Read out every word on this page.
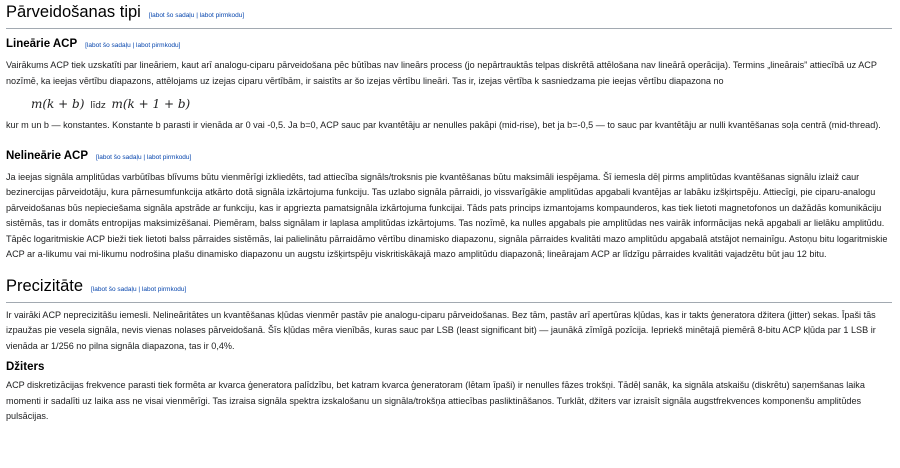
Pārveidošanas tipi [labot šo sadaļu | labot pirmkodu]
Lineārie ACP [labot šo sadaļu | labot pirmkodu]

Vairākums ACP tiek uzskatīti par lineāriem, kaut arī analogu-ciparu pārveidošana pēc būtības nav lineārs process (jo nepārtrauktās telpas diskrētā attēlošana nav lineārā operācija). Termins „lineārais” attiecībā uz ACP nozīmē, ka ieejas vērtību diapazons, attēlojams uz izejas ciparu vērtībām, ir saistīts ar šo izejas vērtību lineāri. Tas ir, izejas vērtība k sasniedzama pie ieejas vērtību diapazona no

m(k + b) līdz m(k + 1 + b)

kur m un b — konstantes. Konstante b parasti ir vienāda ar 0 vai -0,5. Ja b=0, ACP sauc par kvantētāju ar nenulles pakāpi (mid-rise), bet ja b=-0,5 — to sauc par kvantētāju ar nulli kvantēšanas soļa centrā (mid-thread).

Nelineārie ACP [labot šo sadaļu | labot pirmkodu]

Ja ieejas signāla amplitūdas varbūtības blīvums būtu vienmērīgi izkliedēts, tad attiecība signāls/troksnis pie kvantēšanas būtu maksimāli iespējama. Šī iemesla dēļ pirms amplitūdas kvantēšanas signālu izlaiž caur bezinercijas pārveidotāju, kura pārnesumfunkcija atkārto dotā signāla izkārtojuma funkciju. Tas uzlabo signāla pārraidi, jo vissvarīgākie amplitūdas apgabali kvantējas ar labāku izšķirtspēju. Attiecīgi, pie ciparu-analogu pārveidošanas būs nepieciešama signāla apstrāde ar funkciju, kas ir apgriezta pamatsignāla izkārtojuma funkcijai. Tāds pats princips izmantojams kompaunderos, kas tiek lietoti magnetofonos un dažādās komunikāciju sistēmās, tas ir domāts entropijas maksimizēšanai. Piemēram, balss signālam ir laplasa amplitūdas izkārtojums. Tas nozīmē, ka nulles apgabals pie amplitūdas nes vairāk informācijas nekā apgabali ar lielāku amplitūdu. Tāpēc logaritmiskie ACP bieži tiek lietoti balss pārraides sistēmās, lai palielinātu pārraidāmo vērtību dinamisko diapazonu, signāla pārraides kvalitāti mazo amplitūdu apgabalā atstājot nemainīgu. Astoņu bitu logaritmiskie ACP ar a-likumu vai mi-likumu nodrošina plašu dinamisko diapazonu un augstu izšķirtspēju viskritiskākajā mazo amplitūdu diapazonā; lineārajam ACP ar līdzīgu pārraides kvalitāti vajadzētu būt jau 12 bitu.

Precizitāte [labot šo sadaļu | labot pirmkodu]

Ir vairāki ACP neprecizitāšu iemesli. Nelineāritātes un kvantēšanas kļūdas vienmēr pastāv pie analogu-ciparu pārveidošanas. Bez tām, pastāv arī apertūras kļūdas, kas ir takts ģeneratora džitera (jitter) sekas. Īpaši tās izpaužas pie vesela signāla, nevis vienas nolases pārveidošanā. Šīs kļūdas mēra vienībās, kuras sauc par LSB (least significant bit) — jaunākā zīmīgā pozīcija. Iepriekš minētajā piemērā 8-bitu ACP kļūda par 1 LSB ir vienāda ar 1/256 no pilna signāla diapazona, tas ir 0,4%.

Džiters

ACP diskretizācijas frekvence parasti tiek formēta ar kvarca ģeneratora palīdzību, bet katram kvarca ģeneratoram (lētam īpaši) ir nenulles fāzes trokšņi. Tādēļ sanāk, ka signāla atskaišu (diskrētu) saņemšanas laika momenti ir sadalīti uz laika ass ne visai vienmērīgi. Tas izraisa signāla spektra izskalošanu un signāla/trokšņa attiecības pasliktināšanos. Turklāt, džiters var izraisīt signāla augstfrekvences komponenšu amplitūdes pulsācijas.
